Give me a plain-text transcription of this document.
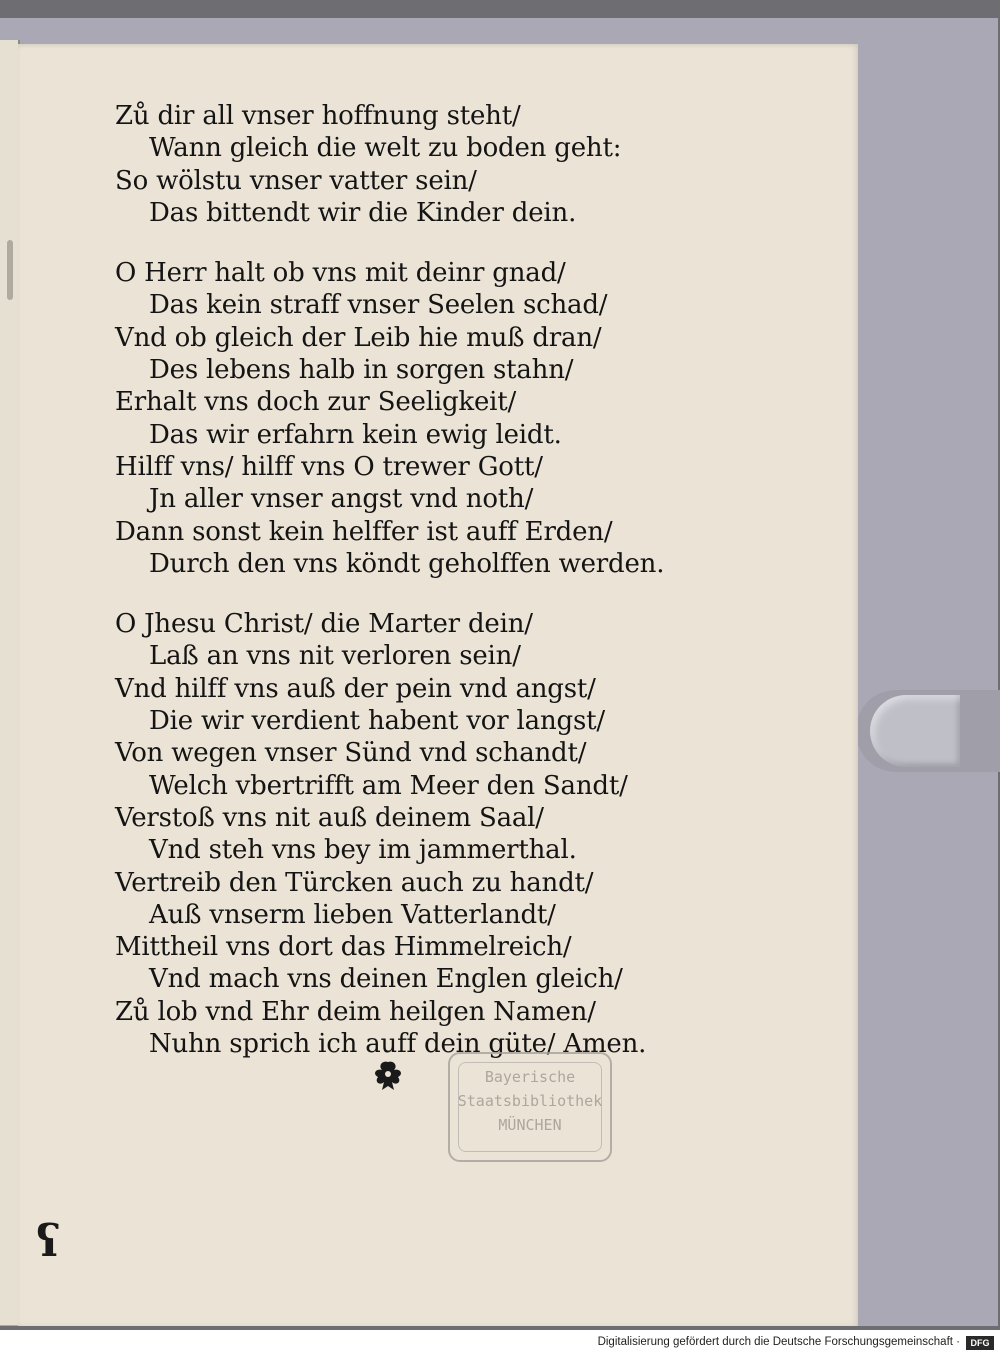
Zů dir all vnser hoffnung steht/
Wann gleich die welt zu boden geht:
So wölstu vnser vatter sein/
Das bittendt wir die Kinder dein.
O Herr halt ob vns mit deinr gnad/
Das kein straff vnser Seelen schad/
Vnd ob gleich der Leib hie muß dran/
Des lebens halb in sorgen stahn/
Erhalt vns doch zur Seeligkeit/
Das wir erfahrn kein ewig leidt.
Hilff vns/ hilff vns O trewer Gott/
Jn aller vnser angst vnd noth/
Dann sonst kein helffer ist auff Erden/
Durch den vns köndt geholffen werden.
O Jhesu Christ/ die Marter dein/
Laß an vns nit verloren sein/
Vnd hilff vns auß der pein vnd angst/
Die wir verdient habent vor langst/
Von wegen vnser Sünd vnd schandt/
Welch vbertrifft am Meer den Sandt/
Verstoß vns nit auß deinem Saal/
Vnd steh vns bey im jammerthal.
Vertreib den Türcken auch zu handt/
Auß vnserm lieben Vatterlandt/
Mittheil vns dort das Himmelreich/
Vnd mach vns deinen Englen gleich/
Zů lob vnd Ehr deim heilgen Namen/
Nuhn sprich ich auff dein güte/ Amen.
Bayerische
Staatsbibliothek
MÜNCHEN
ʕ
Digitalisierung gefördert durch die Deutsche Forschungsgemeinschaft ·	DFG
